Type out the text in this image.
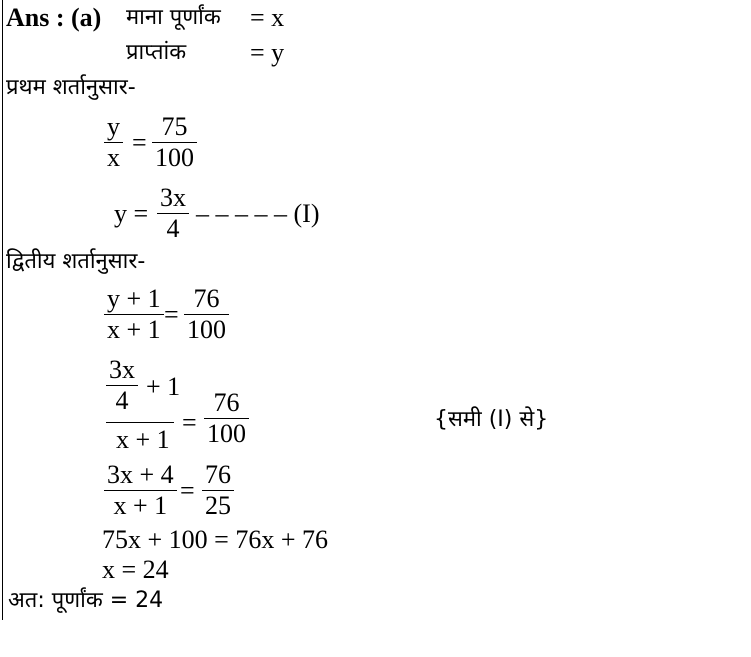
Ans : (a) माना पूर्णांक = x
प्राप्तांक = y
प्रथम शर्तानुसार-
y
x
=
75
100
y =
3x
4
– – – – – (I)
द्वितीय शर्तानुसार-
y + 1
x + 1
=
76
100
3x
4 + 1
x + 1
=
76
100	{समी (I) से}
3x + 4
x + 1
=
76
25
75x + 100 = 76x + 76
x = 24
अत: पूर्णांक = 24
